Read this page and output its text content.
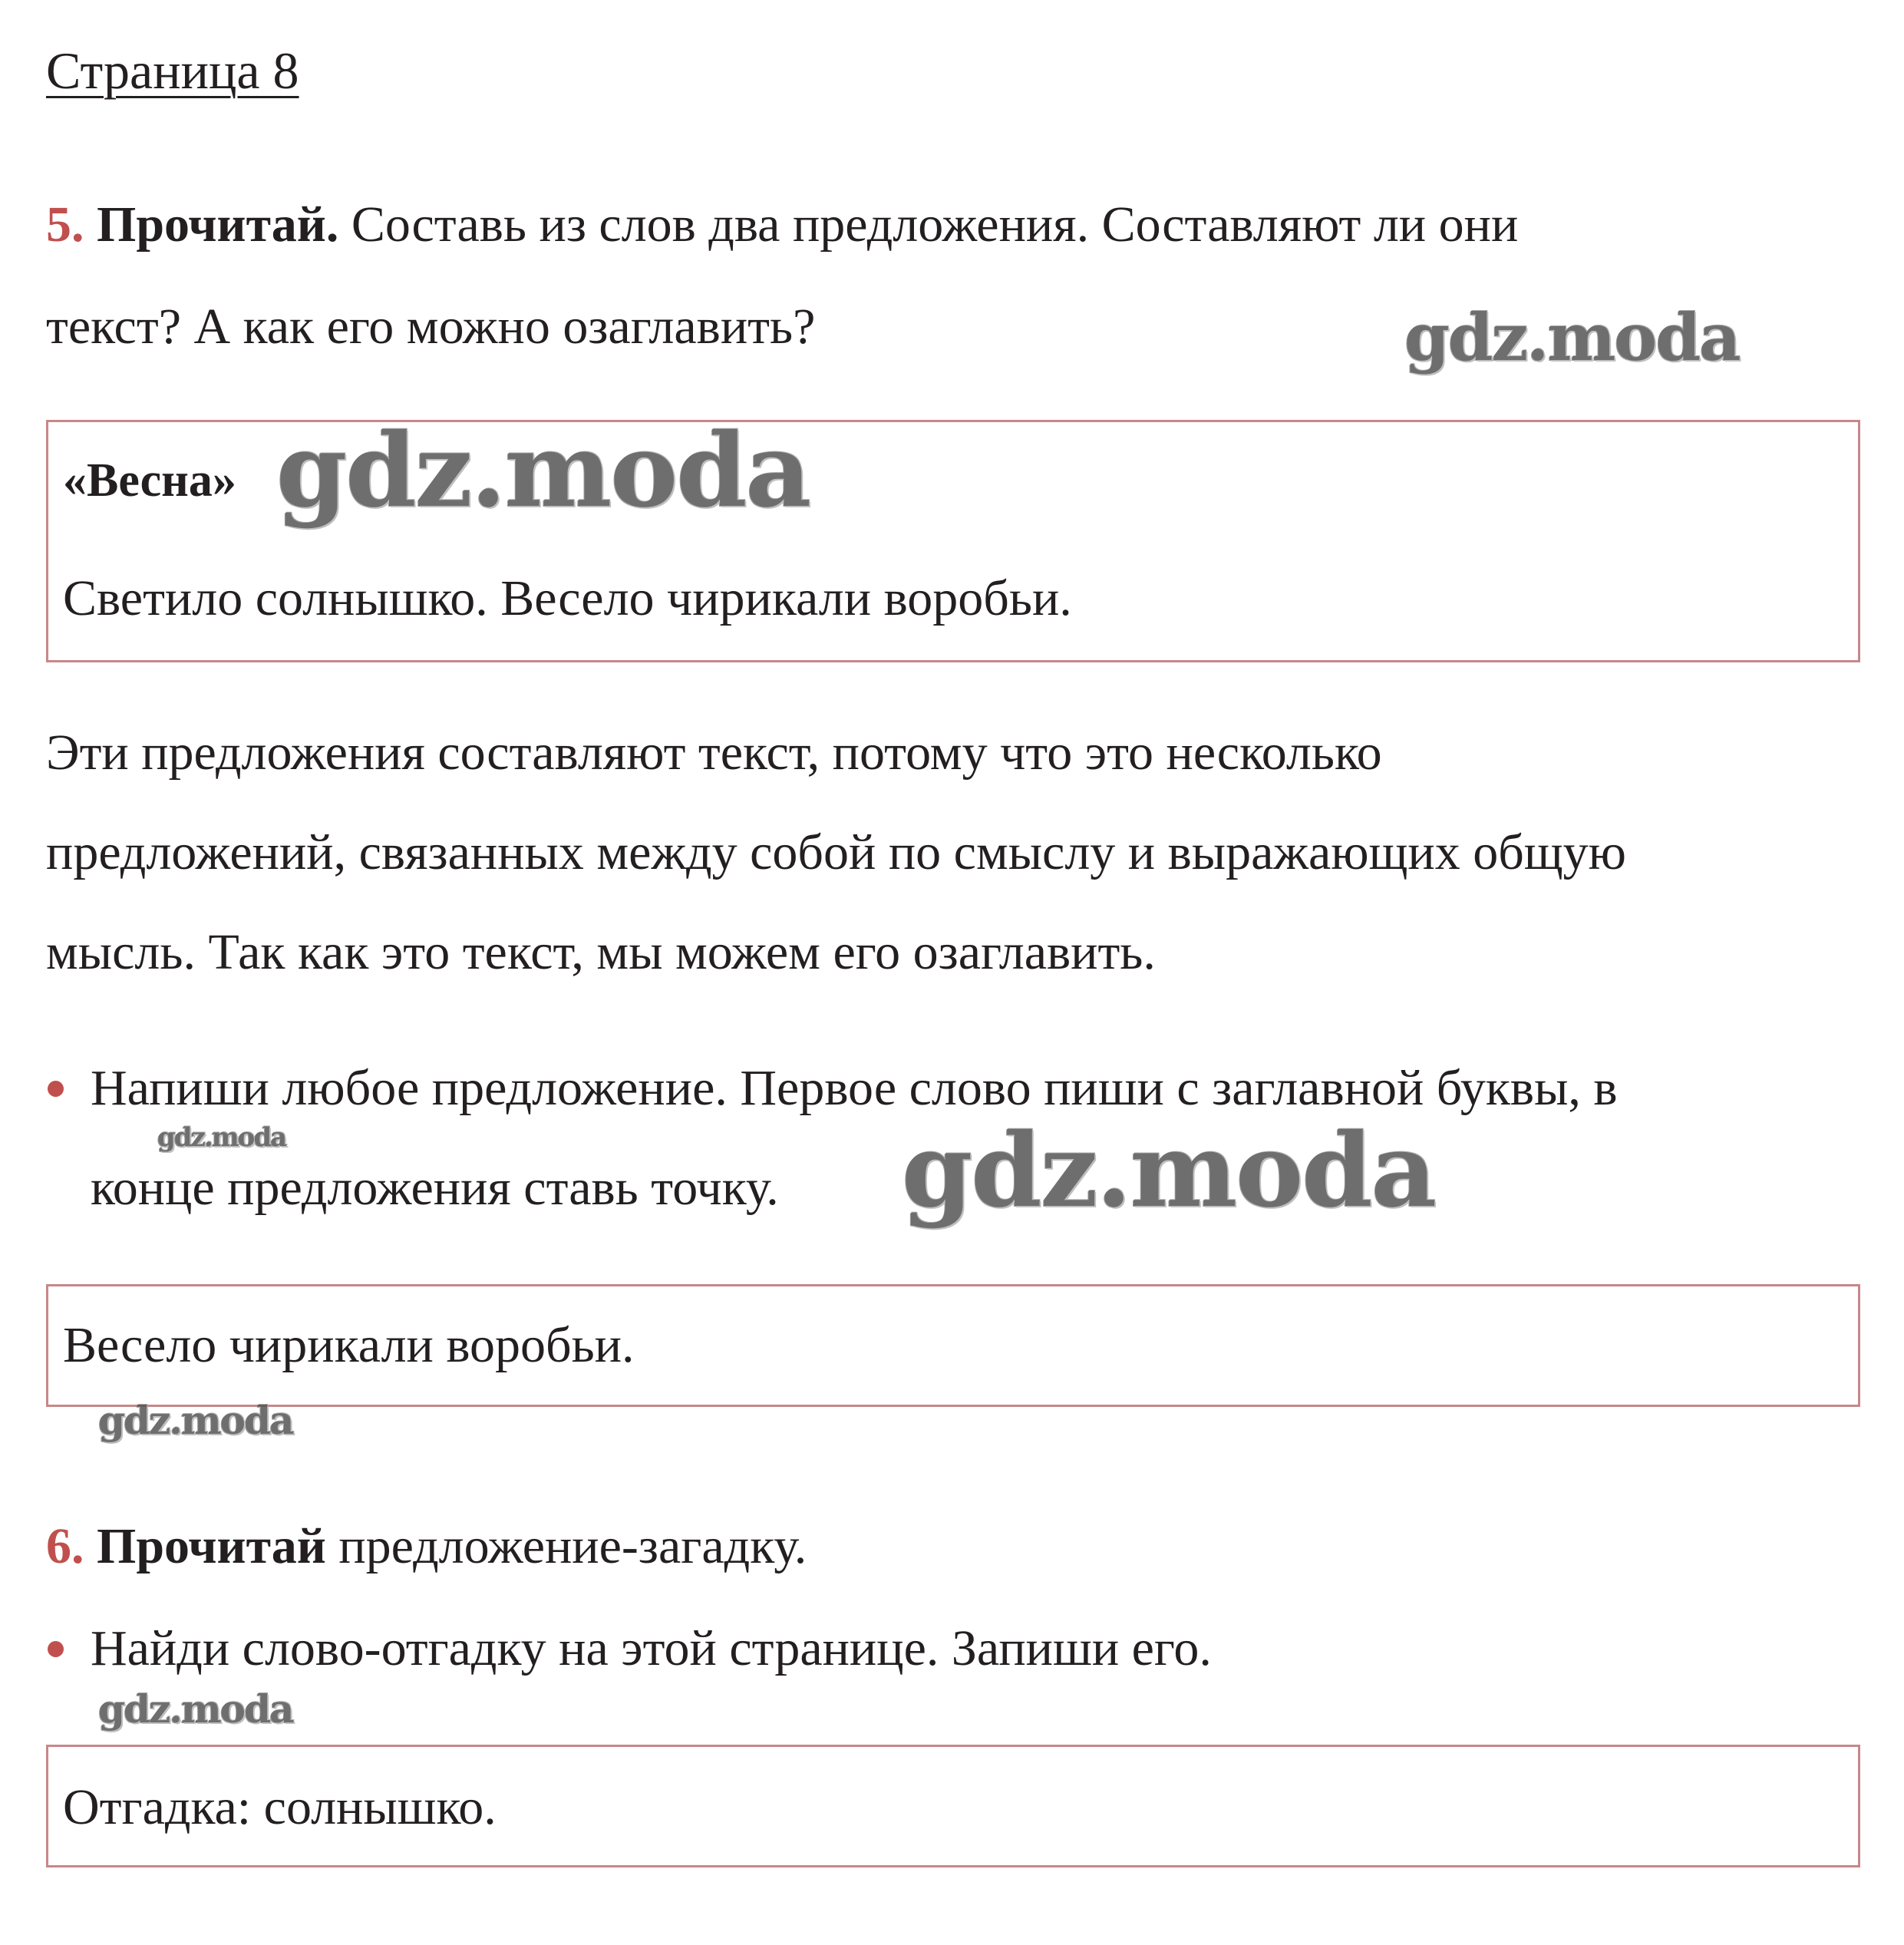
Страница 8
5. Прочитай. Составь из слов два предложения. Составляют ли они
текст? А как его можно озаглавить?	gdz.moda
«Весна» gdz.moda
Светило солнышко. Весело чирикали воробьи.
Эти предложения составляют текст, потому что это несколько
предложений, связанных между собой по смыслу и выражающих общую
мысль. Так как это текст, мы можем его озаглавить.
Напиши любое предложение. Первое слово пиши с заглавной буквы, в
gdz.moda
конце предложения ставь точку. gdz.moda
Весело чирикали воробьи.
gdz.moda
6. Прочитай предложение-загадку.
Найди слово-отгадку на этой странице. Запиши его.
gdz.moda
Отгадка: солнышко.
